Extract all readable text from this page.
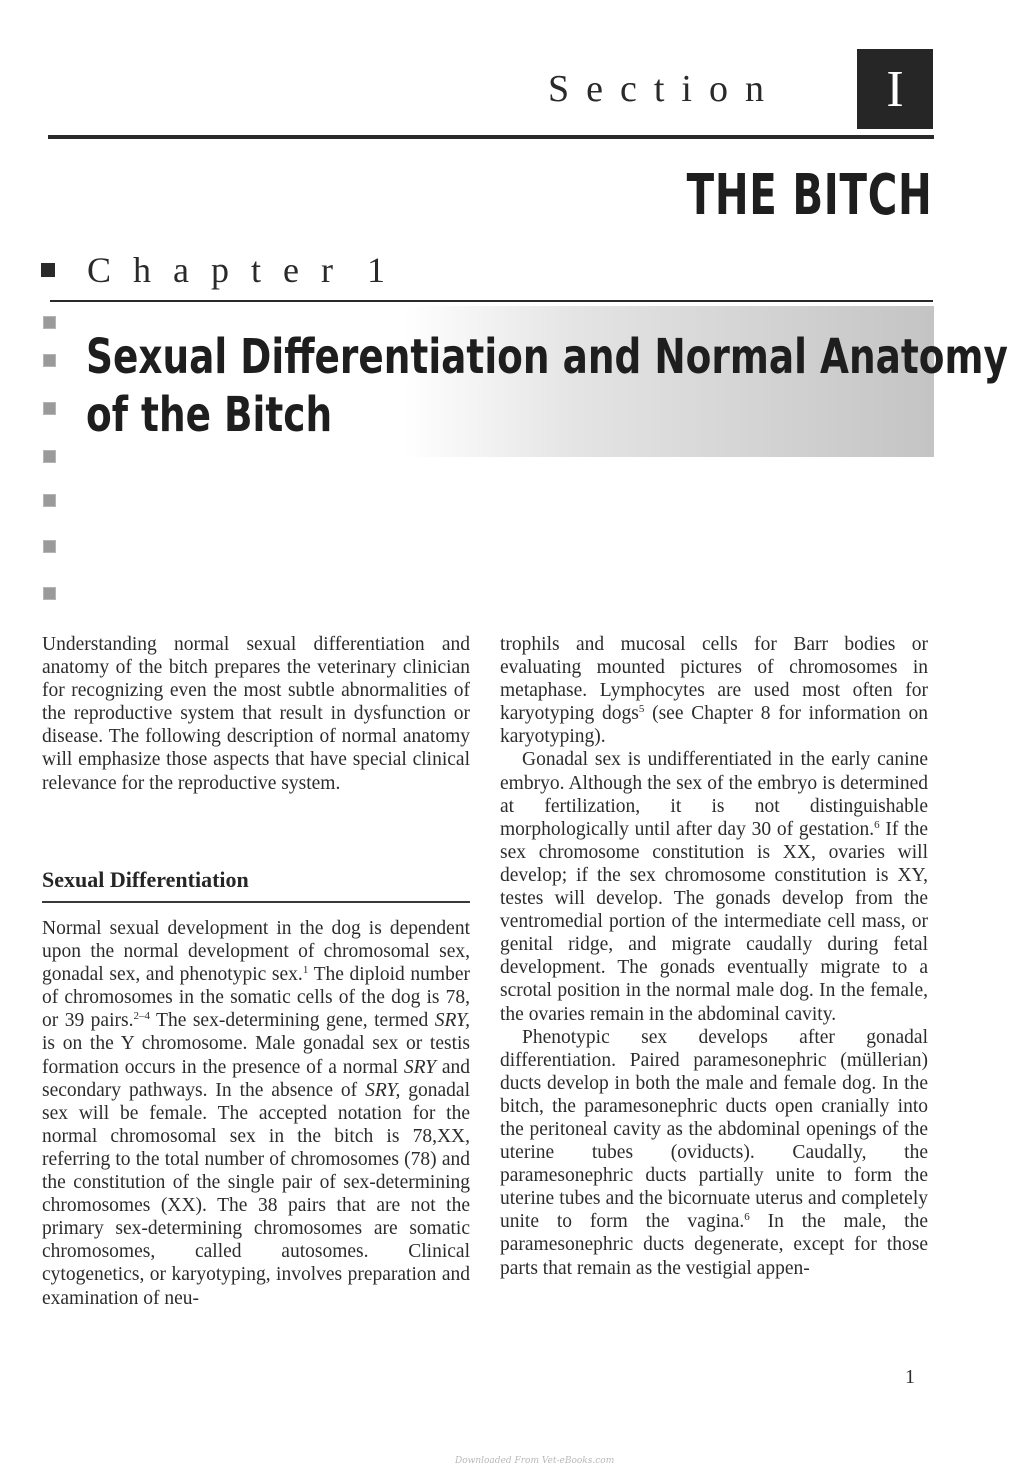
Section	I
THE BITCH
Chapter 1
Sexual Differentiation and Normal Anatomy
of the Bitch

Understanding normal sexual differentiation and anatomy of the bitch prepares the veterinary clinician for recognizing even the most subtle abnormalities of the reproductive system that result in dysfunction or disease. The following description of normal anatomy will emphasize those aspects that have special clinical relevance for the reproductive system.

Sexual Differentiation

Normal sexual development in the dog is dependent upon the normal development of chromosomal sex, gonadal sex, and phenotypic sex.$^1$ The diploid number of chromosomes in the somatic cells of the dog is 78, or 39 pairs.$^{2-4}$ The sex-determining gene, termed SRY, is on the Y chromosome. Male gonadal sex or testis formation occurs in the presence of a normal SRY and secondary pathways. In the absence of SRY, gonadal sex will be female. The accepted notation for the normal chromosomal sex in the bitch is 78,XX, referring to the total number of chromosomes (78) and the constitution of the single pair of sex-determining chromosomes (XX). The 38 pairs that are not the primary sex-determining chromosomes are somatic chromosomes, called autosomes. Clinical cytogenetics, or karyotyping, involves preparation and examination of neu-

trophils and mucosal cells for Barr bodies or evaluating mounted pictures of chromosomes in metaphase. Lymphocytes are used most often for karyotyping dogs$^5$ (see Chapter 8 for information on karyotyping).

Gonadal sex is undifferentiated in the early canine embryo. Although the sex of the embryo is determined at fertilization, it is not distinguishable morphologically until after day 30 of gestation.$^6$ If the sex chromosome constitution is XX, ovaries will develop; if the sex chromosome constitution is XY, testes will develop. The gonads develop from the ventromedial portion of the intermediate cell mass, or genital ridge, and migrate caudally during fetal development. The gonads eventually migrate to a scrotal position in the normal male dog. In the female, the ovaries remain in the abdominal cavity.

Phenotypic sex develops after gonadal differentiation. Paired paramesonephric (müllerian) ducts develop in both the male and female dog. In the bitch, the paramesonephric ducts open cranially into the peritoneal cavity as the abdominal openings of the uterine tubes (oviducts). Caudally, the paramesonephric ducts partially unite to form the uterine tubes and the bicornuate uterus and completely unite to form the vagina.$^6$ In the male, the paramesonephric ducts degenerate, except for those parts that remain as the vestigial appen-

1
Downloaded From Vet-eBooks.com
